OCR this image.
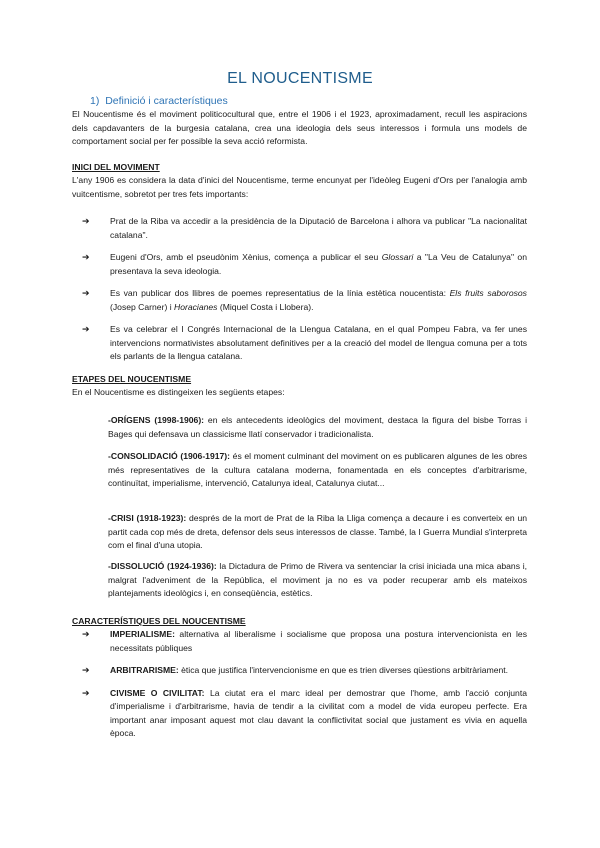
EL NOUCENTISME
1) Definició i característiques
El Noucentisme és el moviment politicocultural que, entre el 1906 i el 1923, aproximadament, recull les aspiracions dels capdavanters de la burgesia catalana, crea una ideologia dels seus interessos i formula uns models de comportament social per fer possible la seva acció reformista.
INICI DEL MOVIMENT
L'any 1906 es considera la data d'inici del Noucentisme, terme encunyat per l'ideòleg Eugeni d'Ors per l'analogia amb vuitcentisme, sobretot per tres fets importants:
➔ Prat de la Riba va accedir a la presidència de la Diputació de Barcelona i alhora va publicar "La nacionalitat catalana".
➔ Eugeni d'Ors, amb el pseudònim Xènius, comença a publicar el seu Glossari a "La Veu de Catalunya" on presentava la seva ideologia.
➔ Es van publicar dos llibres de poemes representatius de la línia estètica noucentista: Els fruits saborosos (Josep Carner) i Horacianes (Miquel Costa i Llobera).
➔ Es va celebrar el I Congrés Internacional de la Llengua Catalana, en el qual Pompeu Fabra, va fer unes intervencions normativistes absolutament definitives per a la creació del model de llengua comuna per a tots els parlants de la llengua catalana.
ETAPES DEL NOUCENTISME
En el Noucentisme es distingeixen les següents etapes:
-ORÍGENS (1998-1906): en els antecedents ideològics del moviment, destaca la figura del bisbe Torras i Bages qui defensava un classicisme llatí conservador i tradicionalista.
-CONSOLIDACIÓ (1906-1917): és el moment culminant del moviment on es publicaren algunes de les obres més representatives de la cultura catalana moderna, fonamentada en els conceptes d'arbitrarisme, continuïtat, imperialisme, intervenció, Catalunya ideal, Catalunya ciutat...
-CRISI (1918-1923): després de la mort de Prat de la Riba la Lliga comença a decaure i es converteix en un partit cada cop més de dreta, defensor dels seus interessos de classe. També, la I Guerra Mundial s'interpreta com el final d'una utopia.
-DISSOLUCIÓ (1924-1936): la Dictadura de Primo de Rivera va sentenciar la crisi iniciada una mica abans i, malgrat l'adveniment de la República, el moviment ja no es va poder recuperar amb els mateixos plantejaments ideològics i, en conseqüència, estètics.
CARACTERÍSTIQUES DEL NOUCENTISME
➔ IMPERIALISME: alternativa al liberalisme i socialisme que proposa una postura intervencionista en les necessitats públiques
➔ ARBITRARISME: ètica que justifica l'intervencionisme en que es trien diverses qüestions arbitràriament.
➔ CIVISME O CIVILITAT: La ciutat era el marc ideal per demostrar que l'home, amb l'acció conjunta d'imperialisme i d'arbitrarisme, havia de tendir a la civilitat com a model de vida europeu perfecte. Era important anar imposant aquest mot clau davant la conflictivitat social que justament es vivia en aquella època.
